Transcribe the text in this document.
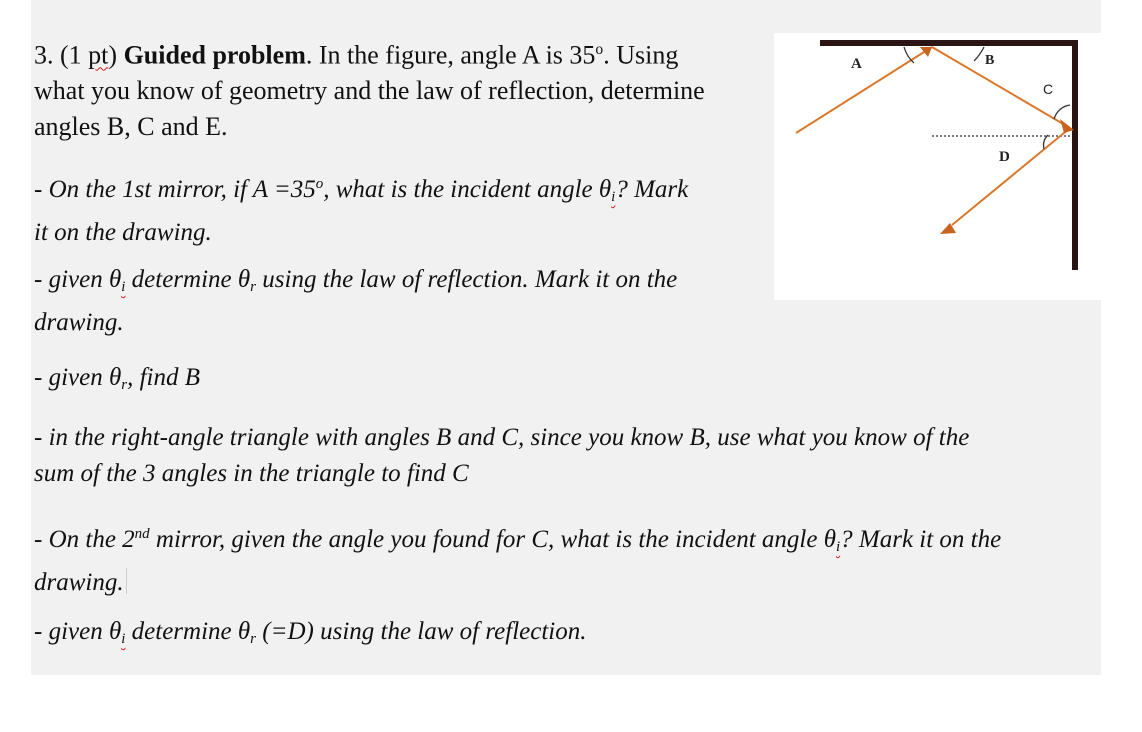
3. (1 pt) Guided problem. In the figure, angle A is 35$^o$. Using
what you know of geometry and the law of reflection, determine
angles B, C and E.

- On the 1st mirror, if $A =35^o$, what is the incident angle $\theta_i$? Mark
it on the drawing.

- given $\theta_i$ determine $\theta_r$ using the law of reflection. Mark it on the
drawing.

- given $\theta_r$, find B

- in the right-angle triangle with angles B and C, since you know B, use what you know of the
sum of the 3 angles in the triangle to find C

- On the 2nd mirror, given the angle you found for C, what is the incident angle $\theta_i$? Mark it on the
drawing.

- given $\theta_i$ determine $\theta_r$ (=D) using the law of reflection.

A	B
C
D
